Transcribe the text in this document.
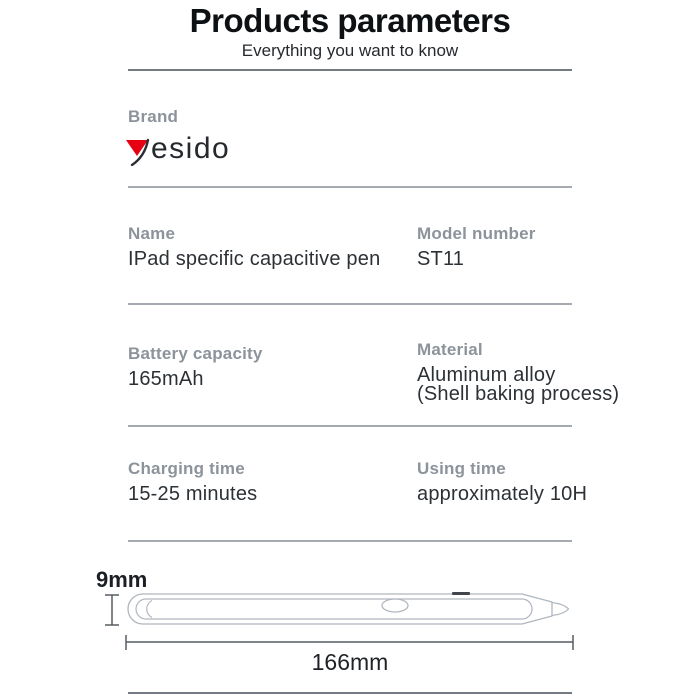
Products parameters
Everything you want to know
Brand
esido
Name
IPad specific capacitive pen
Model number
ST11
Battery capacity
165mAh
Material
Aluminum alloy
(Shell baking process)
Charging time
15-25 minutes
Using time
approximately 10H
9mm
166mm
